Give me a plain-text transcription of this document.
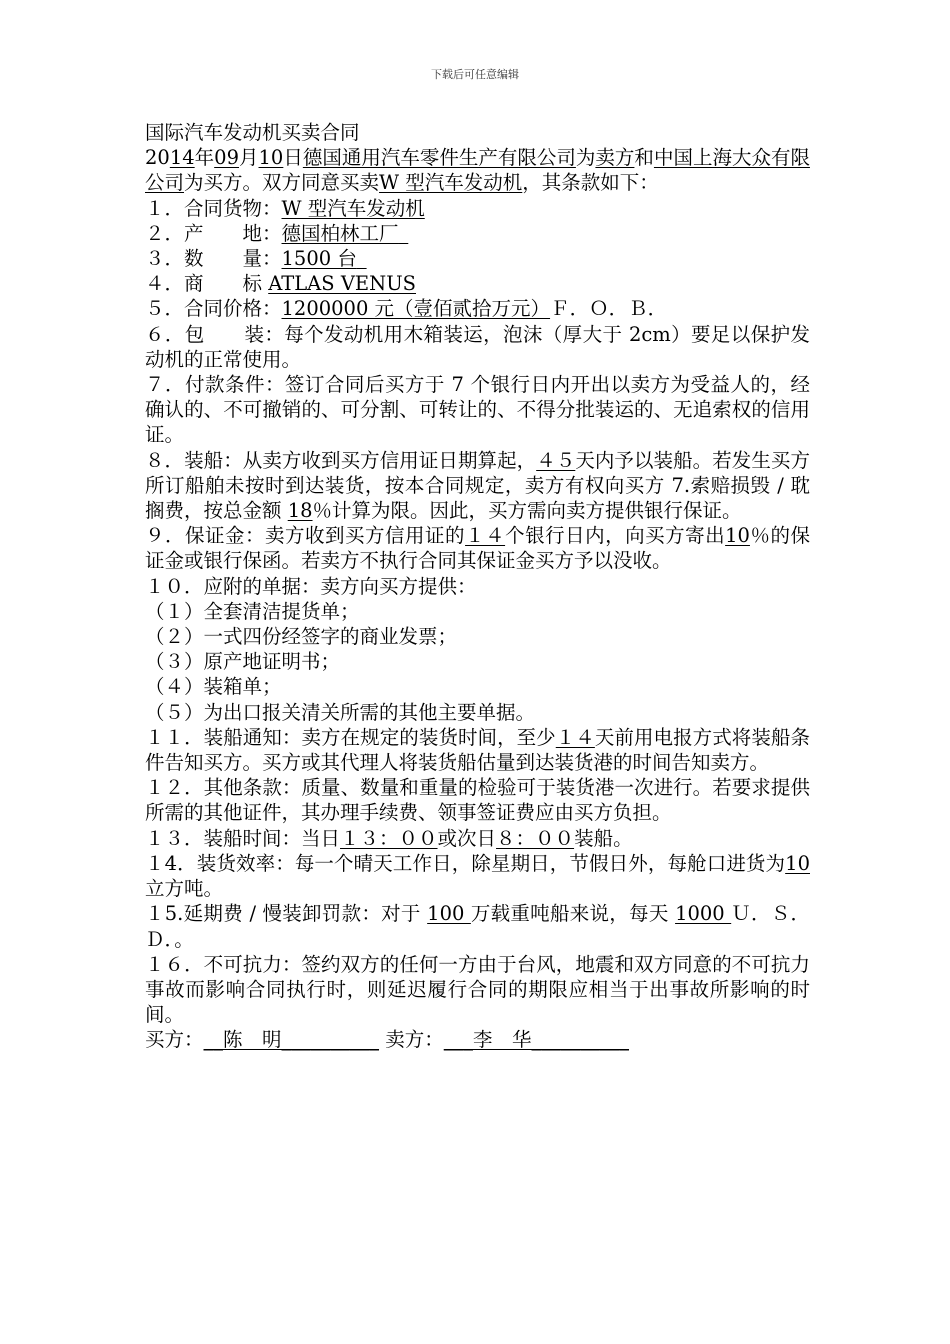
下载后可任意编辑

国际汽车发动机买卖合同

2014年09月10日德国通用汽车零件生产有限公司为卖方和中国上海大众有限公司为买方。双方同意买卖W 型汽车发动机，其条款如下：

１．合同货物：W 型汽车发动机

２．产　　地：德国柏林工厂 

３．数　　量：1500 台 

４．商　　标 ATLAS VENUS

５．合同价格：1200000 元（壹佰贰拾万元）Ｆ．Ｏ．Ｂ．

６．包　　装：每个发动机用木箱装运，泡沫（厚大于 2cm）要足以保护发动机的正常使用。

７．付款条件：签订合同后买方于 7 个银行日内开出以卖方为受益人的，经确认的、不可撤销的、可分割、可转让的、不得分批装运的、无追索权的信用证。

８．装船：从卖方收到买方信用证日期算起，４５天内予以装船。若发生买方所订船舶未按时到达装货，按本合同规定，卖方有权向买方 7.索赔损毁 / 耽搁费，按总金额 18％计算为限。因此，买方需向卖方提供银行保证。

９．保证金：卖方收到买方信用证的１４个银行日内，向买方寄出10％的保证金或银行保函。若卖方不执行合同其保证金买方予以没收。

１０．应附的单据：卖方向买方提供：

（１）全套清洁提货单；

（２）一式四份经签字的商业发票；

（３）原产地证明书；

（４）装箱单；

（５）为出口报关清关所需的其他主要单据。

１１．装船通知：卖方在规定的装货时间，至少１４天前用电报方式将装船条件告知买方。买方或其代理人将装货船估量到达装货港的时间告知卖方。

１２．其他条款：质量、数量和重量的检验可于装货港一次进行。若要求提供所需的其他证件，其办理手续费、领事签证费应由买方负担。

１３．装船时间：当日１３：００或次日８：００装船。

１4．装货效率：每一个晴天工作日，除星期日，节假日外，每舱口进货为10 立方吨。

１5.延期费 / 慢装卸罚款：对于 100 万载重吨船来说，每天 1000 Ｕ．Ｓ．Ｄ．。

１６．不可抗力：签约双方的任何一方由于台风，地震和双方同意的不可抗力事故而影响合同执行时，则延迟履行合同的期限应相当于出事故所影响的时间。

买方：__陈　明__________ 卖方：___李　华__________
